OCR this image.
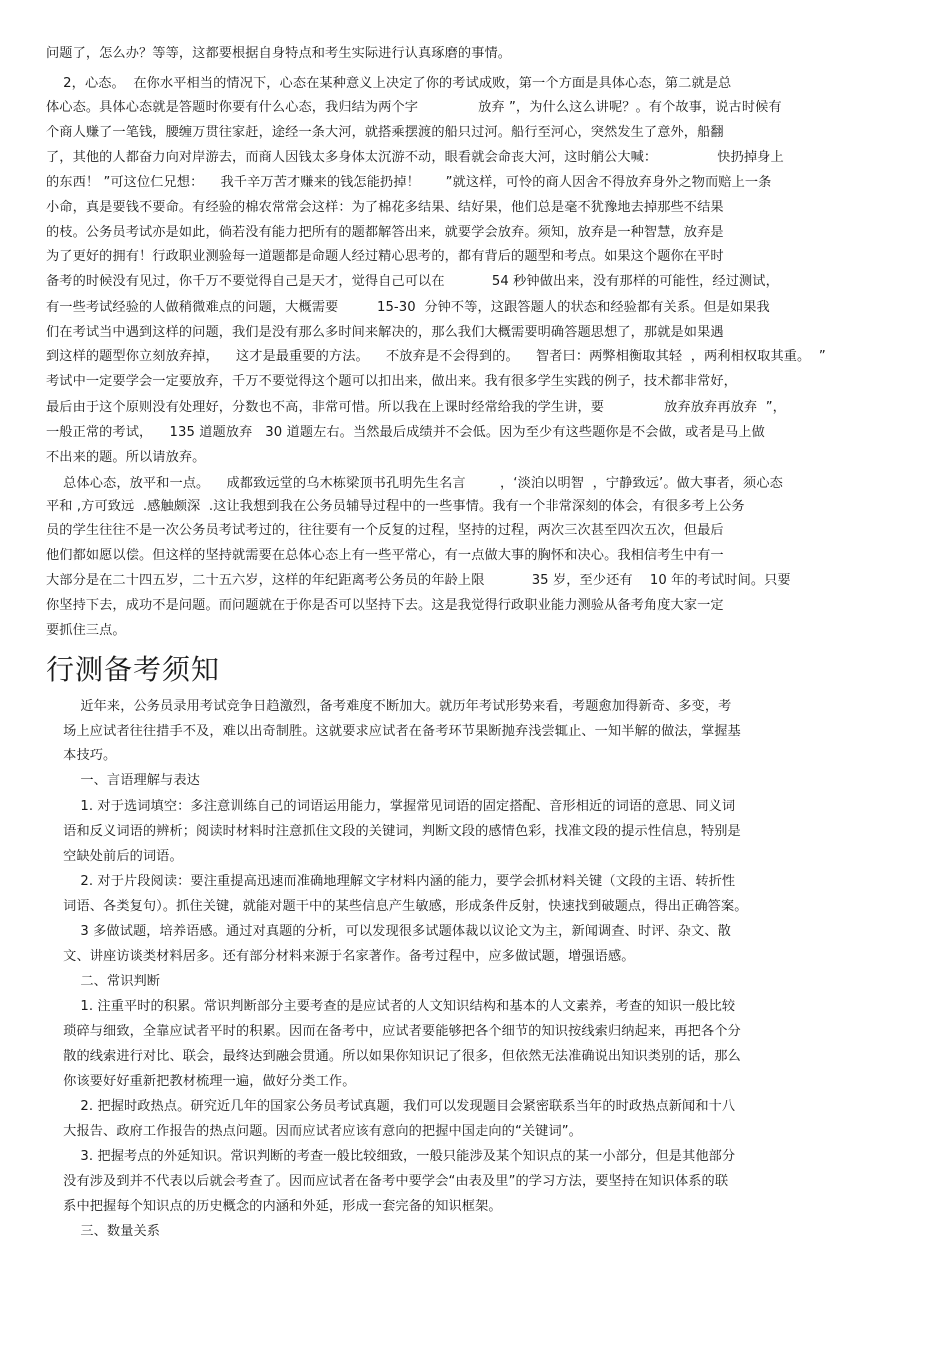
问题了，怎么办？等等，这都要根据自身特点和考生实际进行认真琢磨的事情。
2，心态。  在你水平相当的情况下，心态在某种意义上决定了你的考试成败，第一个方面是具体心态，第二就是总
体心态。具体心态就是答题时你要有什么心态，我归结为两个字              放弃 ”，为什么这么讲呢？。有个故事，说古时候有
个商人赚了一笔钱，腰缠万贯往家赶，途经一条大河，就搭乘摆渡的船只过河。船行至河心，突然发生了意外，船翻
了，其他的人都奋力向对岸游去，而商人因钱太多身体太沉游不动，眼看就会命丧大河，这时艄公大喊：              快扔掉身上
的东西！ ”可这位仁兄想：    我千辛万苦才赚来的钱怎能扔掉！      ”就这样，可怜的商人因舍不得放弃身外之物而赔上一条
小命，真是要钱不要命。有经验的棉农常常会这样：为了棉花多结果、结好果，他们总是毫不犹豫地去掉那些不结果
的枝。公务员考试亦是如此，倘若没有能力把所有的题都解答出来，就要学会放弃。须知，放弃是一种智慧，放弃是
为了更好的拥有！行政职业测验每一道题都是命题人经过精心思考的，都有背后的题型和考点。如果这个题你在平时
备考的时候没有见过，你千万不要觉得自己是天才，觉得自己可以在           54 秒钟做出来，没有那样的可能性，经过测试，
有一些考试经验的人做稍微难点的问题，大概需要         15-30  分钟不等，这跟答题人的状态和经验都有关系。但是如果我
们在考试当中遇到这样的问题，我们是没有那么多时间来解决的，那么我们大概需要明确答题思想了，那就是如果遇
到这样的题型你立刻放弃掉，    这才是最重要的方法。    不放弃是不会得到的。    智者曰：两弊相衡取其轻  ，两利相权取其重。  ”
考试中一定要学会一定要放弃，千万不要觉得这个题可以扣出来，做出来。我有很多学生实践的例子，技术都非常好，
最后由于这个原则没有处理好，分数也不高，非常可惜。所以我在上课时经常给我的学生讲，要              放弃放弃再放弃  ”，
一般正常的考试，    135 道题放弃   30 道题左右。当然最后成绩并不会低。因为至少有这些题你是不会做，或者是马上做
不出来的题。所以请放弃。
总体心态，放平和一点。    成都致远堂的乌木栋梁顶书孔明先生名言        ，‘淡泊以明智  ，宁静致远’。做大事者，须心态
平和 ,方可致远  .感触颇深  .这让我想到我在公务员辅导过程中的一些事情。我有一个非常深刻的体会，有很多考上公务
员的学生往往不是一次公务员考试考过的，往往要有一个反复的过程，坚持的过程，两次三次甚至四次五次，但最后
他们都如愿以偿。但这样的坚持就需要在总体心态上有一些平常心，有一点做大事的胸怀和决心。我相信考生中有一
大部分是在二十四五岁，二十五六岁，这样的年纪距离考公务员的年龄上限           35 岁，至少还有    10 年的考试时间。只要
你坚持下去，成功不是问题。而问题就在于你是否可以坚持下去。这是我觉得行政职业能力测验从备考角度大家一定
要抓住三点。
行测备考须知
近年来，公务员录用考试竞争日趋激烈，备考难度不断加大。就历年考试形势来看，考题愈加得新奇、多变，考
场上应试者往往措手不及，难以出奇制胜。这就要求应试者在备考环节果断抛弃浅尝辄止、一知半解的做法，掌握基
本技巧。
一、言语理解与表达
1. 对于选词填空：多注意训练自己的词语运用能力，掌握常见词语的固定搭配、音形相近的词语的意思、同义词
语和反义词语的辨析；阅读时材料时注意抓住文段的关键词，判断文段的感情色彩，找准文段的提示性信息，特别是
空缺处前后的词语。
2. 对于片段阅读：要注重提高迅速而准确地理解文字材料内涵的能力，要学会抓材料关键（文段的主语、转折性
词语、各类复句）。抓住关键，就能对题干中的某些信息产生敏感，形成条件反射，快速找到破题点，得出正确答案。
3 多做试题，培养语感。通过对真题的分析，可以发现很多试题体裁以议论文为主，新闻调查、时评、杂文、散
文、讲座访谈类材料居多。还有部分材料来源于名家著作。备考过程中，应多做试题，增强语感。
二、常识判断
1. 注重平时的积累。常识判断部分主要考查的是应试者的人文知识结构和基本的人文素养，考查的知识一般比较
琐碎与细致，全靠应试者平时的积累。因而在备考中，应试者要能够把各个细节的知识按线索归纳起来，再把各个分
散的线索进行对比、联会，最终达到融会贯通。所以如果你知识记了很多，但依然无法准确说出知识类别的话，那么
你该要好好重新把教材梳理一遍，做好分类工作。
2. 把握时政热点。研究近几年的国家公务员考试真题，我们可以发现题目会紧密联系当年的时政热点新闻和十八
大报告、政府工作报告的热点问题。因而应试者应该有意向的把握中国走向的“关键词”。
3. 把握考点的外延知识。常识判断的考查一般比较细致，一般只能涉及某个知识点的某一小部分，但是其他部分
没有涉及到并不代表以后就会考查了。因而应试者在备考中要学会“由表及里”的学习方法，要坚持在知识体系的联
系中把握每个知识点的历史概念的内涵和外延，形成一套完备的知识框架。
三、数量关系
